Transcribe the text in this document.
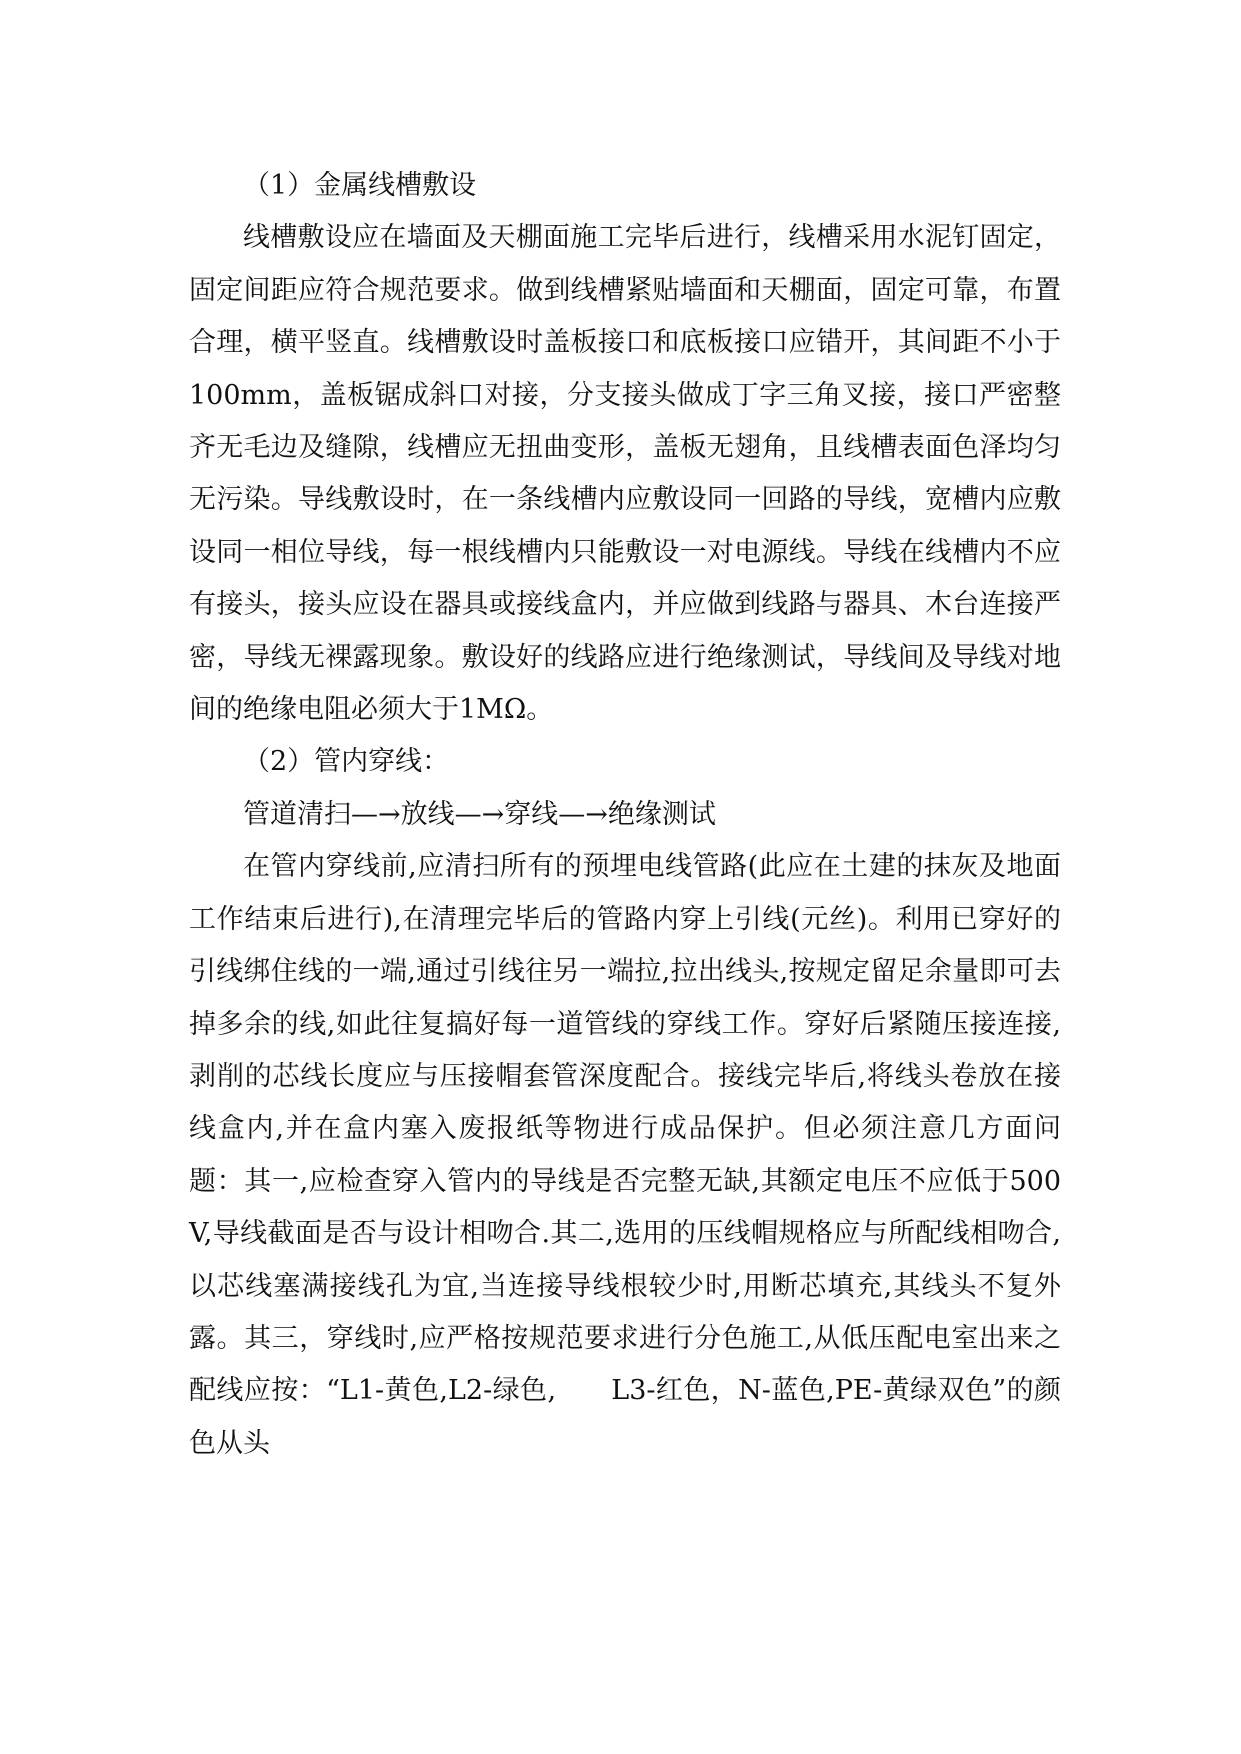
（1）金属线槽敷设

线槽敷设应在墙面及天棚面施工完毕后进行，线槽采用水泥钉固定，固定间距应符合规范要求。做到线槽紧贴墙面和天棚面，固定可靠，布置合理，横平竖直。线槽敷设时盖板接口和底板接口应错开，其间距不小于100mm，盖板锯成斜口对接，分支接头做成丁字三角叉接，接口严密整齐无毛边及缝隙，线槽应无扭曲变形，盖板无翅角，且线槽表面色泽均匀无污染。导线敷设时，在一条线槽内应敷设同一回路的导线，宽槽内应敷设同一相位导线，每一根线槽内只能敷设一对电源线。导线在线槽内不应有接头，接头应设在器具或接线盒内，并应做到线路与器具、木台连接严密，导线无裸露现象。敷设好的线路应进行绝缘测试，导线间及导线对地间的绝缘电阻必须大于1MΩ。

（2）管内穿线：

管道清扫—→放线—→穿线—→绝缘测试

在管内穿线前,应清扫所有的预埋电线管路(此应在土建的抹灰及地面工作结束后进行),在清理完毕后的管路内穿上引线(元丝)。利用已穿好的引线绑住线的一端,通过引线往另一端拉,拉出线头,按规定留足余量即可去掉多余的线,如此往复搞好每一道管线的穿线工作。穿好后紧随压接连接,剥削的芯线长度应与压接帽套管深度配合。接线完毕后,将线头卷放在接线盒内,并在盒内塞入废报纸等物进行成品保护。但必须注意几方面问题：其一,应检查穿入管内的导线是否完整无缺,其额定电压不应低于500V,导线截面是否与设计相吻合.其二,选用的压线帽规格应与所配线相吻合,以芯线塞满接线孔为宜,当连接导线根较少时,用断芯填充,其线头不复外露。其三，穿线时,应严格按规范要求进行分色施工,从低压配电室出来之配线应按：“L1-黄色,L2-绿色,　　L3-红色，N-蓝色,PE-黄绿双色”的颜色从头
